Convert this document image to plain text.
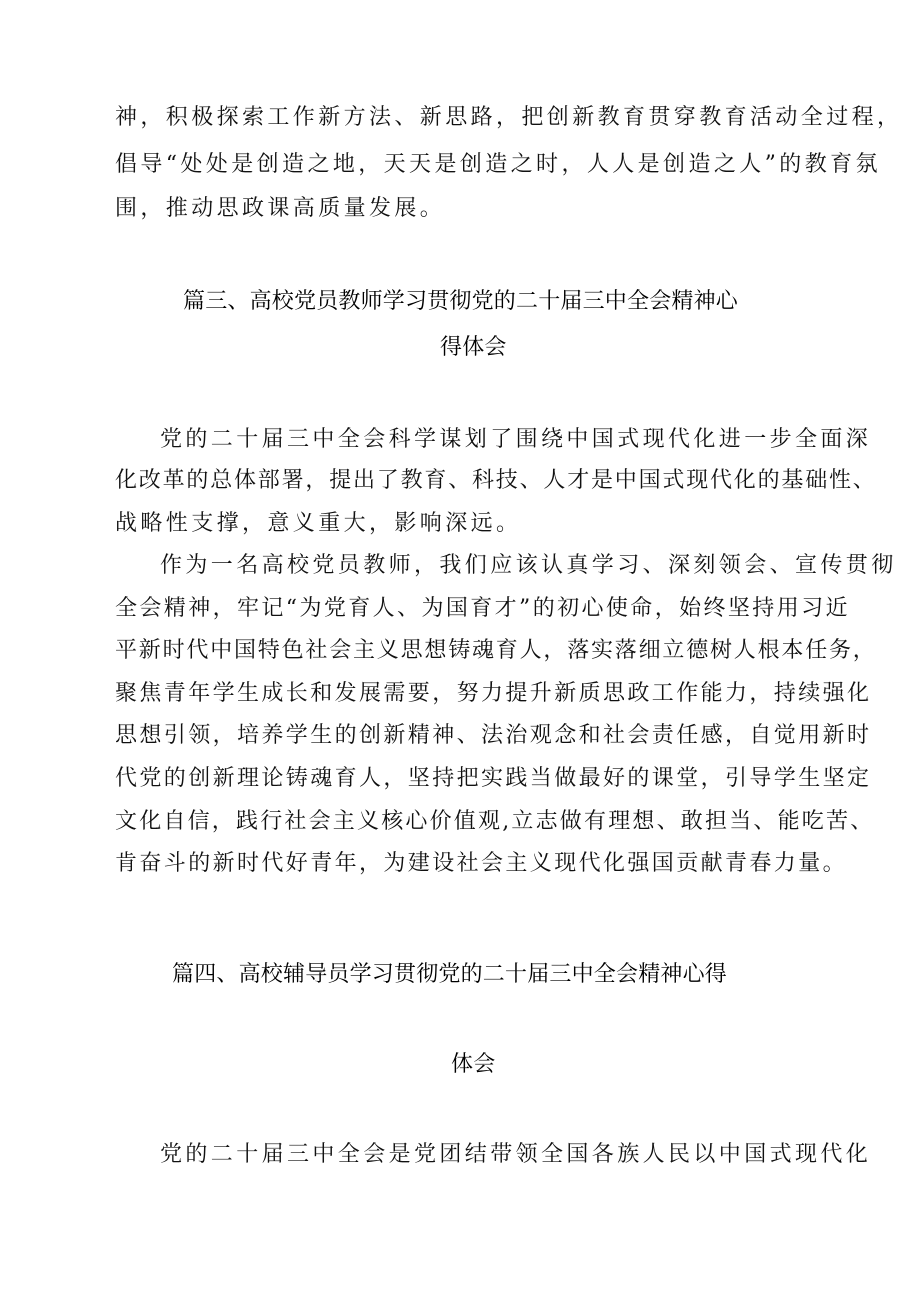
神，积极探索工作新方法、新思路，把创新教育贯穿教育活动全过程，
倡导“处处是创造之地，天天是创造之时，人人是创造之人”的教育氛
围，推动思政课高质量发展。
篇三、高校党员教师学习贯彻党的二十届三中全会精神心
得体会
党的二十届三中全会科学谋划了围绕中国式现代化进一步全面深
化改革的总体部署，提出了教育、科技、人才是中国式现代化的基础性、
战略性支撑，意义重大，影响深远。
作为一名高校党员教师，我们应该认真学习、深刻领会、宣传贯彻
全会精神，牢记“为党育人、为国育才”的初心使命，始终坚持用习近
平新时代中国特色社会主义思想铸魂育人，落实落细立德树人根本任务，
聚焦青年学生成长和发展需要，努力提升新质思政工作能力，持续强化
思想引领，培养学生的创新精神、法治观念和社会责任感，自觉用新时
代党的创新理论铸魂育人，坚持把实践当做最好的课堂，引导学生坚定
文化自信，践行社会主义核心价值观,立志做有理想、敢担当、能吃苦、
肯奋斗的新时代好青年，为建设社会主义现代化强国贡献青春力量。
篇四、高校辅导员学习贯彻党的二十届三中全会精神心得
体会
党的二十届三中全会是党团结带领全国各族人民以中国式现代化
